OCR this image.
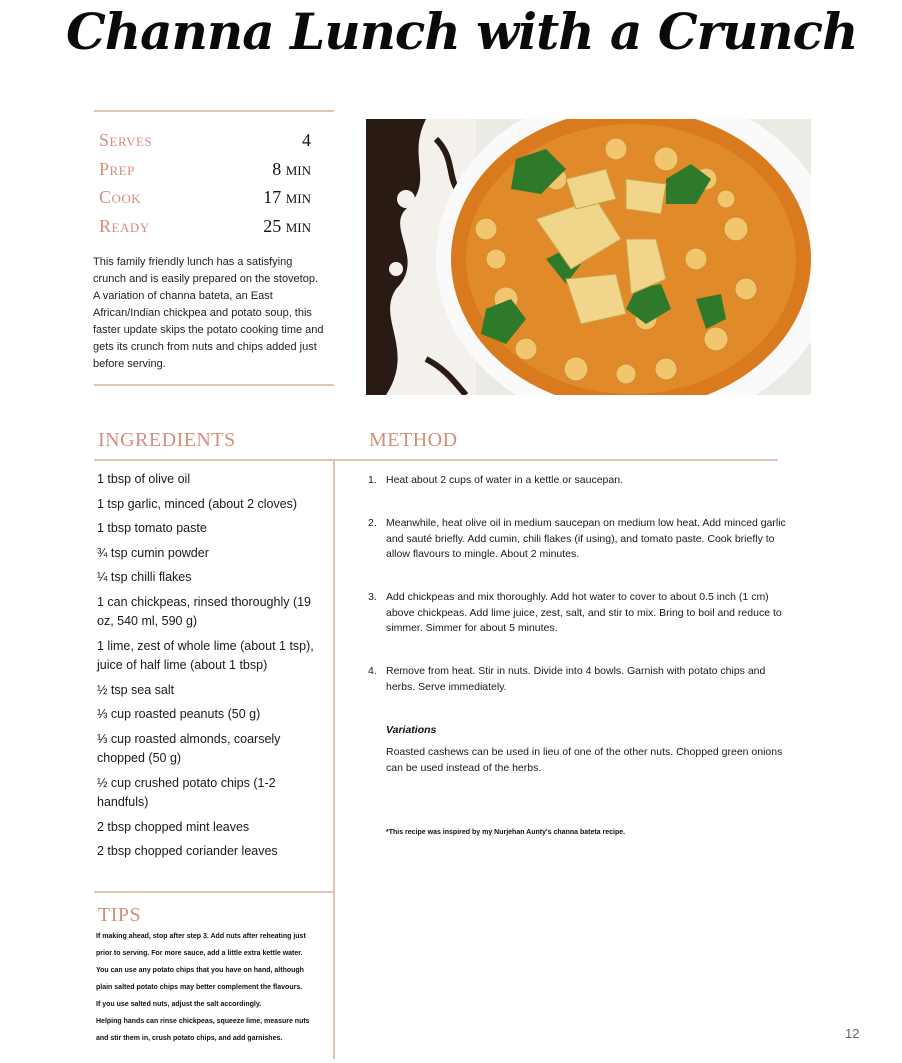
Channa Lunch with a Crunch
Serves	4
Prep	8 min
Cook	17 min
Ready	25 min

This family friendly lunch has a satisfying crunch and is easily prepared on the stovetop. A variation of channa bateta, an East African/Indian chickpea and potato soup, this faster update skips the potato cooking time and gets its crunch from nuts and chips added just before serving.

INGREDIENTS	METHOD
TIPS
1 tbsp of olive oil
1 tsp garlic, minced (about 2 cloves)
1 tbsp tomato paste
¾ tsp cumin powder
¼ tsp chilli flakes
1 can chickpeas, rinsed thoroughly (19 oz, 540 ml, 590 g)
1 lime, zest of whole lime (about 1 tsp), juice of half lime (about 1 tbsp)
½ tsp sea salt
⅓ cup roasted peanuts (50 g)
⅓ cup roasted almonds, coarsely chopped (50 g)
½ cup crushed potato chips (1-2 handfuls)
2 tbsp chopped mint leaves
2 tbsp chopped coriander leaves
If making ahead, stop after step 3. Add nuts after reheating just
prior to serving. For more sauce, add a little extra kettle water.
You can use any potato chips that you have on hand, although
plain salted potato chips may better complement the flavours.
If you use salted nuts, adjust the salt accordingly.
Helping hands can rinse chickpeas, squeeze lime, measure nuts
and stir them in, crush potato chips, and add garnishes.
1. Heat about 2 cups of water in a kettle or saucepan.
2. Meanwhile, heat olive oil in medium saucepan on medium low heat. Add minced garlic and sauté briefly. Add cumin, chili flakes (if using), and tomato paste. Cook briefly to allow flavours to mingle. About 2 minutes.
3. Add chickpeas and mix thoroughly. Add hot water to cover to about 0.5 inch (1 cm) above chickpeas. Add lime juice, zest, salt, and stir to mix. Bring to boil and reduce to simmer. Simmer for about 5 minutes.
4. Remove from heat. Stir in nuts. Divide into 4 bowls. Garnish with potato chips and herbs. Serve immediately.
Variations
Roasted cashews can be used in lieu of one of the other nuts. Chopped green onions can be used instead of the herbs.
*This recipe was inspired by my Nurjehan Aunty's channa bateta recipe.
12
